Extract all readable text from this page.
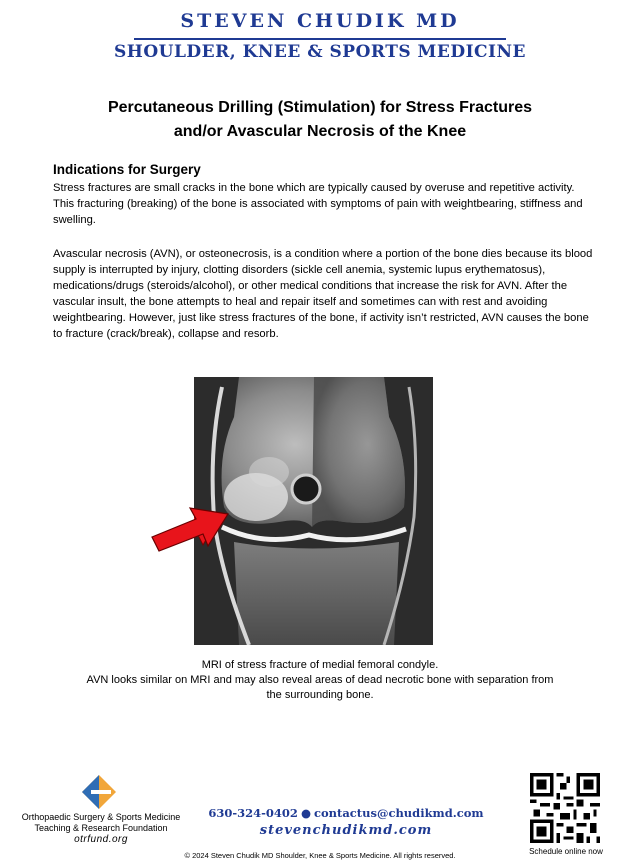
STEVEN CHUDIK MD
SHOULDER, KNEE & SPORTS MEDICINE
Percutaneous Drilling (Stimulation) for Stress Fractures
and/or Avascular Necrosis of the Knee
Indications for Surgery

Stress fractures are small cracks in the bone which are typically caused by overuse and repetitive activity. This fracturing (breaking) of the bone is associated with symptoms of pain with weightbearing, stiffness and swelling.

Avascular necrosis (AVN), or osteonecrosis, is a condition where a portion of the bone dies because its blood supply is interrupted by injury, clotting disorders (sickle cell anemia, systemic lupus erythematosus), medications/drugs (steroids/alcohol), or other medical conditions that increase the risk for AVN. After the vascular insult, the bone attempts to heal and repair itself and sometimes can with rest and avoiding weightbearing. However, just like stress fractures of the bone, if activity isn’t restricted, AVN causes the bone to fracture (crack/break), collapse and resorb.

MRI of stress fracture of medial femoral condyle.
AVN looks similar on MRI and may also reveal areas of dead necrotic bone with separation from
the surrounding bone.
Orthopaedic Surgery & Sports Medicine
Teaching & Research Foundation
otrfund.org
630-324-0402 ● contactus@chudikmd.com
stevenchudikmd.com
Schedule online now
© 2024 Steven Chudik MD Shoulder, Knee & Sports Medicine. All rights reserved.
